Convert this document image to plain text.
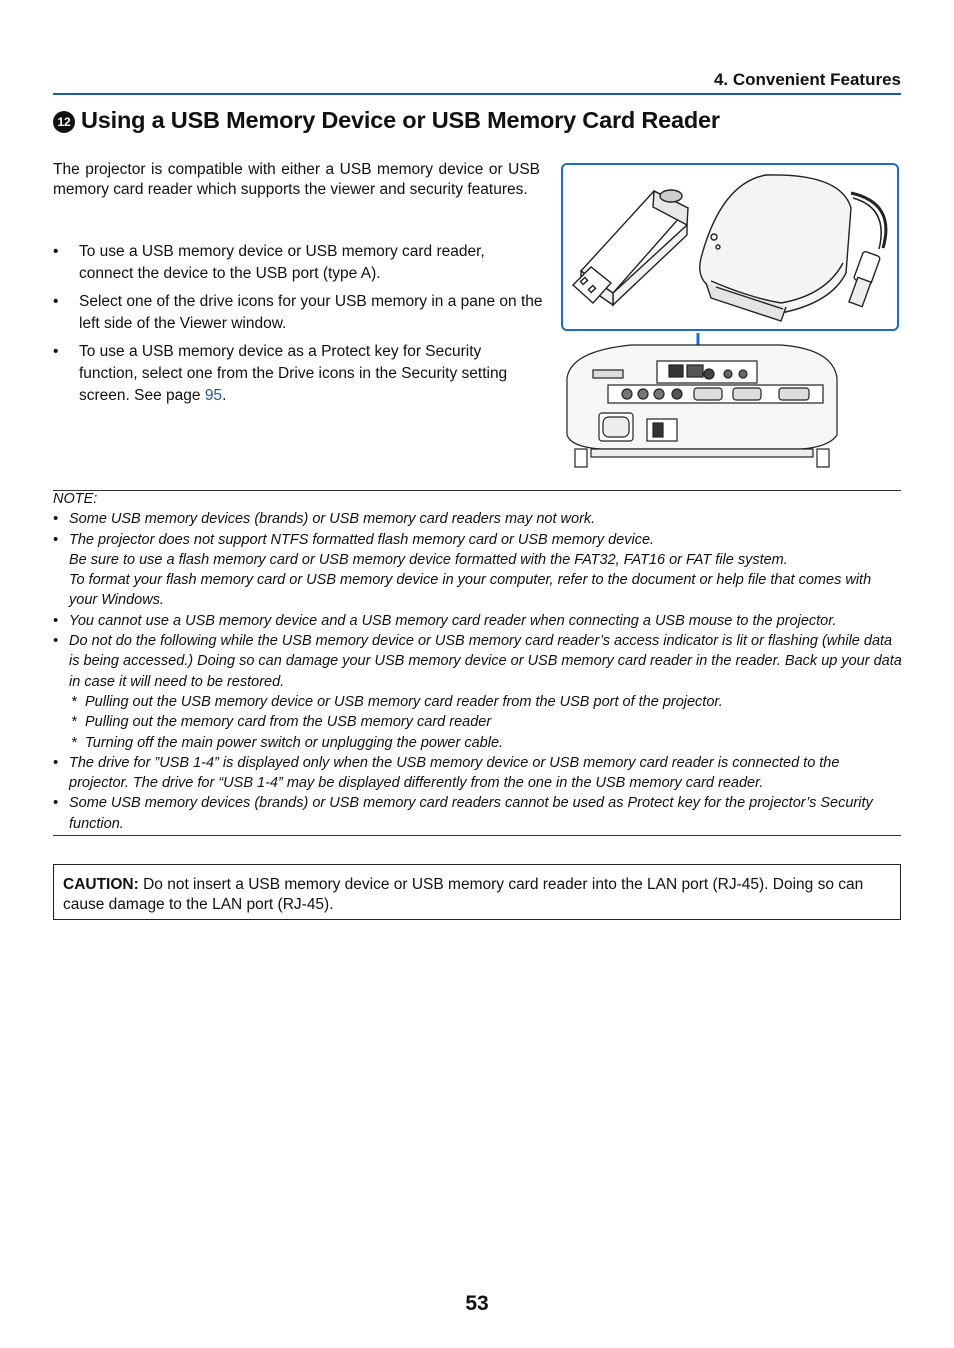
4. Convenient Features
12 Using a USB Memory Device or USB Memory Card Reader
The projector is compatible with either a USB memory device or USB memory card reader which supports the viewer and security features.
• To use a USB memory device or USB memory card reader, connect the device to the USB port (type A).
• Select one of the drive icons for your USB memory in a pane on the left side of the Viewer window.
• To use a USB memory device as a Protect key for Security function, select one from the Drive icons in the Security setting screen. See page 95.

NOTE:

• Some USB memory devices (brands) or USB memory card readers may not work.

• The projector does not support NTFS formatted flash memory card or USB memory device.

Be sure to use a flash memory card or USB memory device formatted with the FAT32, FAT16 or FAT file system.

To format your flash memory card or USB memory device in your computer, refer to the document or help file that comes with your Windows.

• You cannot use a USB memory device and a USB memory card reader when connecting a USB mouse to the projector.

• Do not do the following while the USB memory device or USB memory card reader’s access indicator is lit or flashing (while data is being accessed.) Doing so can damage your USB memory device or USB memory card reader in the reader. Back up your data in case it will need to be restored.

* Pulling out the USB memory device or USB memory card reader from the USB port of the projector.

* Pulling out the memory card from the USB memory card reader

* Turning off the main power switch or unplugging the power cable.

• The drive for ”USB 1-4” is displayed only when the USB memory device or USB memory card reader is connected to the projector. The drive for “USB 1-4” may be displayed differently from the one in the USB memory card reader.

• Some USB memory devices (brands) or USB memory card readers cannot be used as Protect key for the projector’s Security function.

CAUTION: Do not insert a USB memory device or USB memory card reader into the LAN port (RJ-45). Doing so can cause damage to the LAN port (RJ-45).
53
